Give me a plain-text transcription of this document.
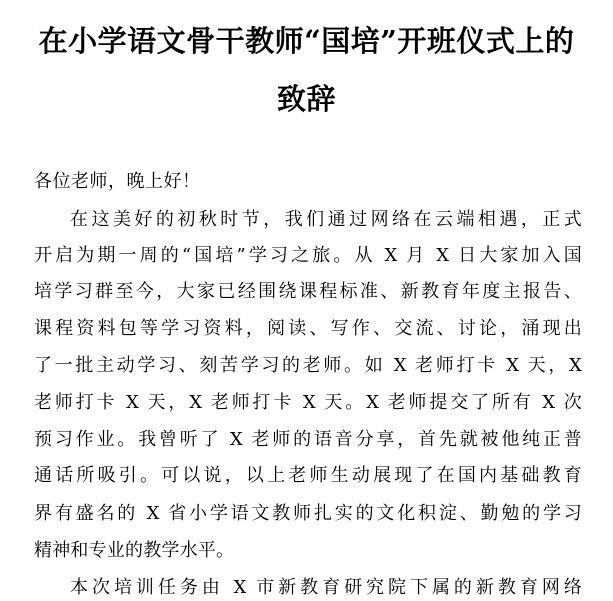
在小学语文骨干教师“国培”开班仪式上的
致辞
各位老师，晚上好！
在这美好的初秋时节，我们通过网络在云端相遇，正式
开启为期一周的“国培”学习之旅。从 X 月 X 日大家加入国
培学习群至今，大家已经围绕课程标准、新教育年度主报告、
课程资料包等学习资料，阅读、写作、交流、讨论，涌现出
了一批主动学习、刻苦学习的老师。如 X 老师打卡 X 天，X
老师打卡 X 天，X 老师打卡 X 天。X 老师提交了所有 X 次
预习作业。我曾听了 X 老师的语音分享，首先就被他纯正普
通话所吸引。可以说，以上老师生动展现了在国内基础教育
界有盛名的 X 省小学语文教师扎实的文化积淀、勤勉的学习
精神和专业的教学水平。
本次培训任务由 X 市新教育研究院下属的新教育网络
